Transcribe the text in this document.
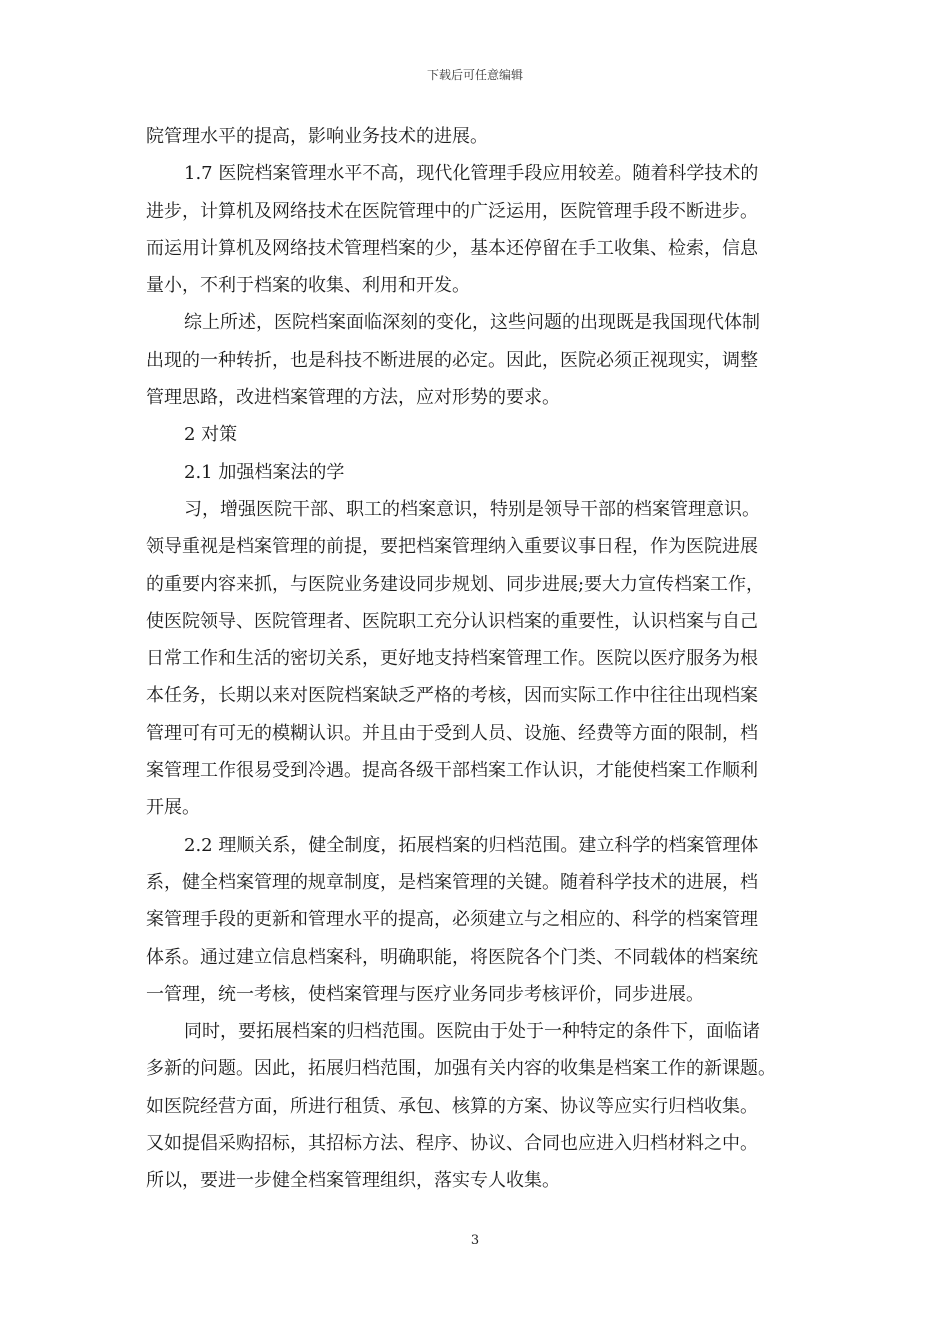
下载后可任意编辑
院管理水平的提高，影响业务技术的进展。
1.7 医院档案管理水平不高，现代化管理手段应用较差。随着科学技术的
进步，计算机及网络技术在医院管理中的广泛运用，医院管理手段不断进步。
而运用计算机及网络技术管理档案的少，基本还停留在手工收集、检索，信息
量小，不利于档案的收集、利用和开发。
综上所述，医院档案面临深刻的变化，这些问题的出现既是我国现代体制
出现的一种转折，也是科技不断进展的必定。因此，医院必须正视现实，调整
管理思路，改进档案管理的方法，应对形势的要求。
2 对策
2.1 加强档案法的学
习，增强医院干部、职工的档案意识，特别是领导干部的档案管理意识。
领导重视是档案管理的前提，要把档案管理纳入重要议事日程，作为医院进展
的重要内容来抓，与医院业务建设同步规划、同步进展;要大力宣传档案工作，
使医院领导、医院管理者、医院职工充分认识档案的重要性，认识档案与自己
日常工作和生活的密切关系，更好地支持档案管理工作。医院以医疗服务为根
本任务，长期以来对医院档案缺乏严格的考核，因而实际工作中往往出现档案
管理可有可无的模糊认识。并且由于受到人员、设施、经费等方面的限制，档
案管理工作很易受到冷遇。提高各级干部档案工作认识，才能使档案工作顺利
开展。
2.2 理顺关系，健全制度，拓展档案的归档范围。建立科学的档案管理体
系，健全档案管理的规章制度，是档案管理的关键。随着科学技术的进展，档
案管理手段的更新和管理水平的提高，必须建立与之相应的、科学的档案管理
体系。通过建立信息档案科，明确职能，将医院各个门类、不同载体的档案统
一管理，统一考核，使档案管理与医疗业务同步考核评价，同步进展。
同时，要拓展档案的归档范围。医院由于处于一种特定的条件下，面临诸
多新的问题。因此，拓展归档范围，加强有关内容的收集是档案工作的新课题。
如医院经营方面，所进行租赁、承包、核算的方案、协议等应实行归档收集。
又如提倡采购招标，其招标方法、程序、协议、合同也应进入归档材料之中。
所以，要进一步健全档案管理组织，落实专人收集。
3
